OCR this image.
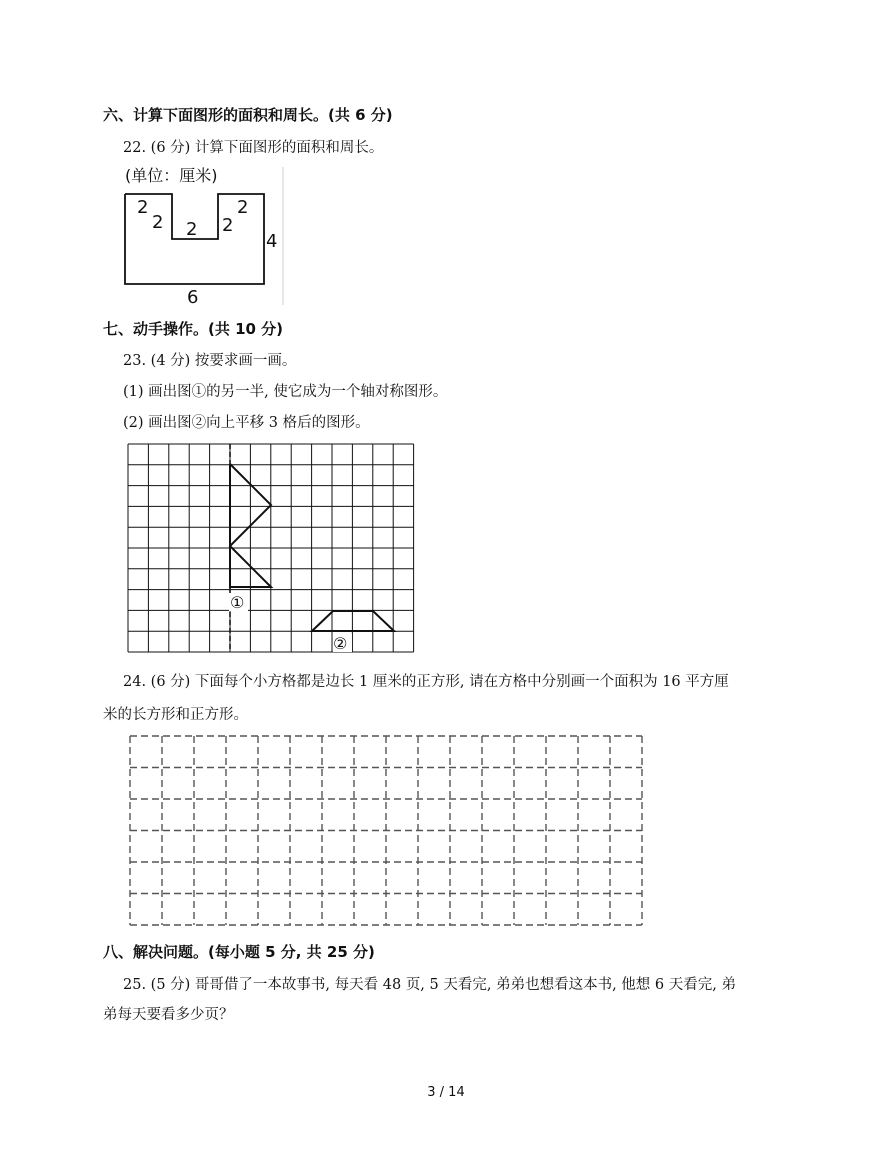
六、计算下面图形的面积和周长。(共 6 分)
22. (6 分) 计算下面图形的面积和周长。
(单位：厘米)
2
2 2 2
2
4
6
七、动手操作。(共 10 分)
23. (4 分) 按要求画一画。
(1) 画出图①的另一半, 使它成为一个轴对称图形。
(2) 画出图②向上平移 3 格后的图形。
①
②
24. (6 分) 下面每个小方格都是边长 1 厘米的正方形, 请在方格中分别画一个面积为 16 平方厘
米的长方形和正方形。
八、解决问题。(每小题 5 分, 共 25 分)
25. (5 分) 哥哥借了一本故事书, 每天看 48 页, 5 天看完, 弟弟也想看这本书, 他想 6 天看完, 弟
弟每天要看多少页？
3 / 14
